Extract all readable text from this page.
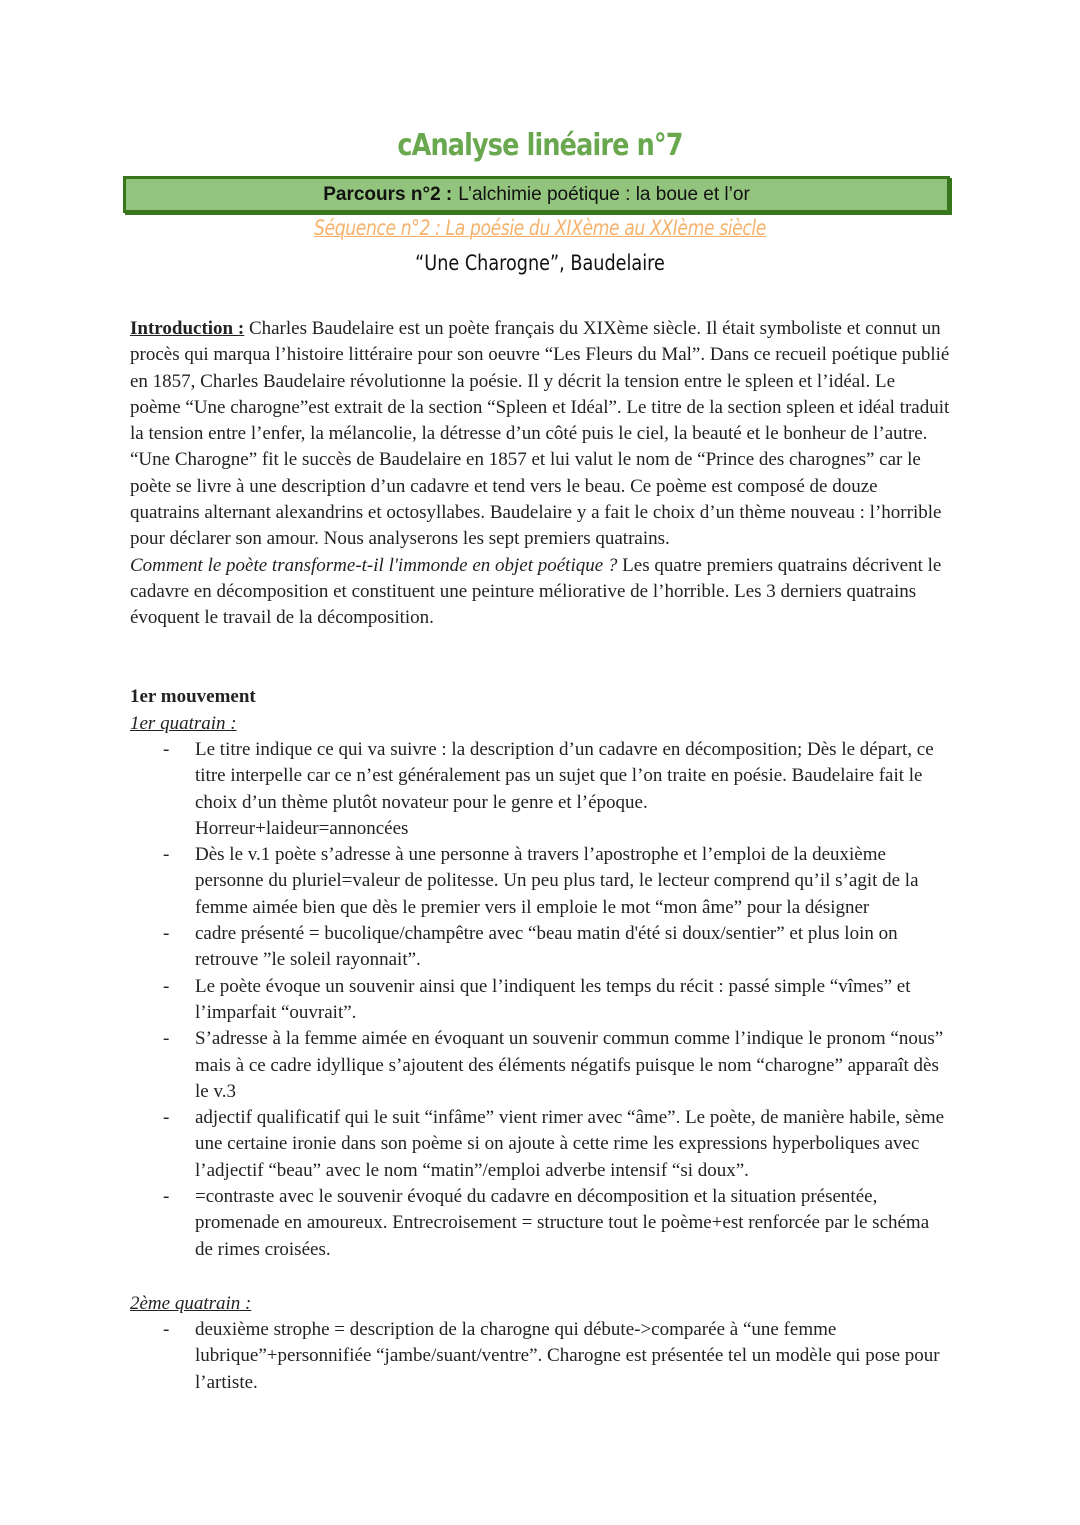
cAnalyse linéaire n°7
Parcours n°2 : L’alchimie poétique : la boue et l’or
Séquence n°2 : La poésie du XIXème au XXIème siècle
“Une Charogne”, Baudelaire
Introduction : Charles Baudelaire est un poète français du XIXème siècle. Il était symboliste et connut un procès qui marqua l’histoire littéraire pour son oeuvre “Les Fleurs du Mal”. Dans ce recueil poétique publié en 1857, Charles Baudelaire révolutionne la poésie. Il y décrit la tension entre le spleen et l’idéal. Le poème “Une charogne”est extrait de la section “Spleen et Idéal”. Le titre de la section spleen et idéal traduit la tension entre l’enfer, la mélancolie, la détresse d’un côté puis le ciel, la beauté et le bonheur de l’autre. “Une Charogne” fit le succès de Baudelaire en 1857 et lui valut le nom de “Prince des charognes” car le poète se livre à une description d’un cadavre et tend vers le beau. Ce poème est composé de douze quatrains alternant alexandrins et octosyllabes. Baudelaire y a fait le choix d’un thème nouveau : l’horrible pour déclarer son amour. Nous analyserons les sept premiers quatrains.
Comment le poète transforme-t-il l'immonde en objet poétique ? Les quatre premiers quatrains décrivent le cadavre en décomposition et constituent une peinture méliorative de l’horrible. Les 3 derniers quatrains évoquent le travail de la décomposition.
1er mouvement
1er quatrain :
- Le titre indique ce qui va suivre : la description d’un cadavre en décomposition; Dès le départ, ce titre interpelle car ce n’est généralement pas un sujet que l’on traite en poésie. Baudelaire fait le choix d’un thème plutôt novateur pour le genre et l’époque.
Horreur+laideur=annoncées
- Dès le v.1 poète s’adresse à une personne à travers l’apostrophe et l’emploi de la deuxième personne du pluriel=valeur de politesse. Un peu plus tard, le lecteur comprend qu’il s’agit de la femme aimée bien que dès le premier vers il emploie le mot “mon âme” pour la désigner
- cadre présenté = bucolique/champêtre avec “beau matin d'été si doux/sentier” et plus loin on retrouve ”le soleil rayonnait”.
- Le poète évoque un souvenir ainsi que l’indiquent les temps du récit : passé simple “vîmes” et l’imparfait “ouvrait”.
- S’adresse à la femme aimée en évoquant un souvenir commun comme l’indique le pronom “nous” mais à ce cadre idyllique s’ajoutent des éléments négatifs puisque le nom “charogne” apparaît dès le v.3
- adjectif qualificatif qui le suit “infâme” vient rimer avec “âme”. Le poète, de manière habile, sème une certaine ironie dans son poème si on ajoute à cette rime les expressions hyperboliques avec l’adjectif “beau” avec le nom “matin”/emploi adverbe intensif “si doux”.
- =contraste avec le souvenir évoqué du cadavre en décomposition et la situation présentée, promenade en amoureux. Entrecroisement = structure tout le poème+est renforcée par le schéma de rimes croisées.
2ème quatrain :
- deuxième strophe = description de la charogne qui débute->comparée à “une femme lubrique”+personnifiée “jambe/suant/ventre”. Charogne est présentée tel un modèle qui pose pour l’artiste.
